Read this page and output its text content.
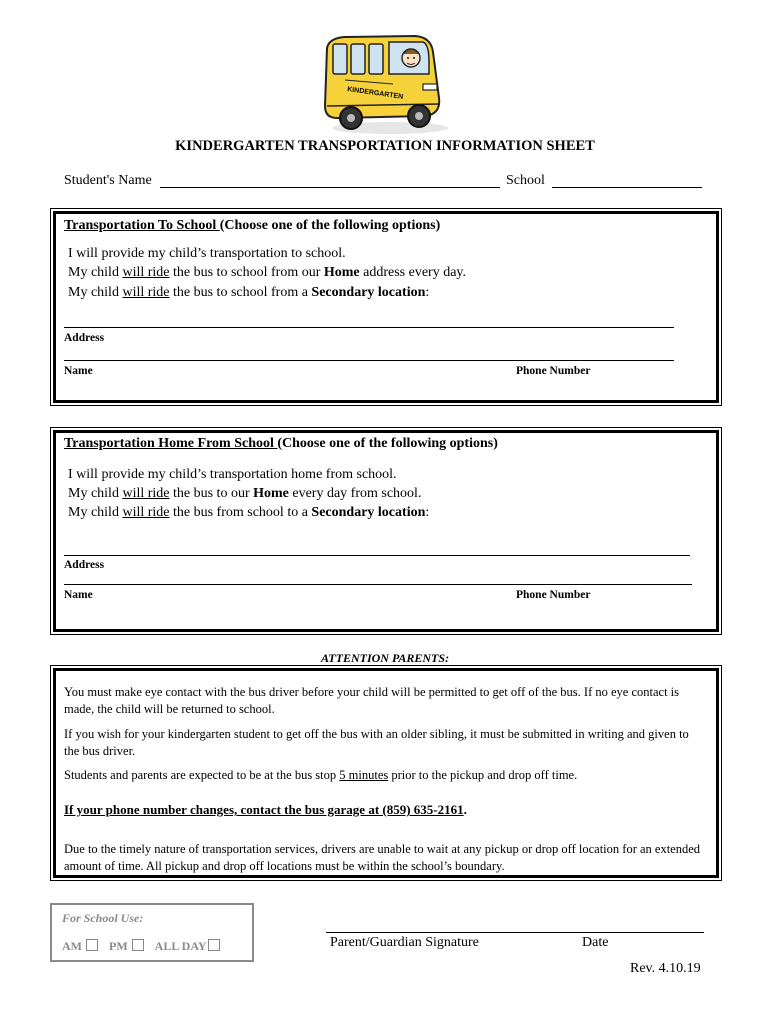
KINDERGARTEN
KINDERGARTEN TRANSPORTATION INFORMATION SHEET
Student's Name	School
Transportation To School (Choose one of the following options)
I will provide my child’s transportation to school.
My child will ride the bus to school from our Home address every day.
My child will ride the bus to school from a Secondary location:
Address
Name	Phone Number
Transportation Home From School (Choose one of the following options)
I will provide my child’s transportation home from school.
My child will ride the bus to our Home every day from school.
My child will ride the bus from school to a Secondary location:
Address
Name	Phone Number
ATTENTION PARENTS:
You must make eye contact with the bus driver before your child will be permitted to get off of the bus. If no eye contact is made, the child will be returned to school.
If you wish for your kindergarten student to get off the bus with an older sibling, it must be submitted in writing and given to the bus driver.
Students and parents are expected to be at the bus stop 5 minutes prior to the pickup and drop off time.
If your phone number changes, contact the bus garage at (859) 635-2161.
Due to the timely nature of transportation services, drivers are unable to wait at any pickup or drop off location for an extended amount of time. All pickup and drop off locations must be within the school’s boundary.
For School Use:
AM PM ALL DAY	Parent/Guardian Signature	Date
Rev. 4.10.19
